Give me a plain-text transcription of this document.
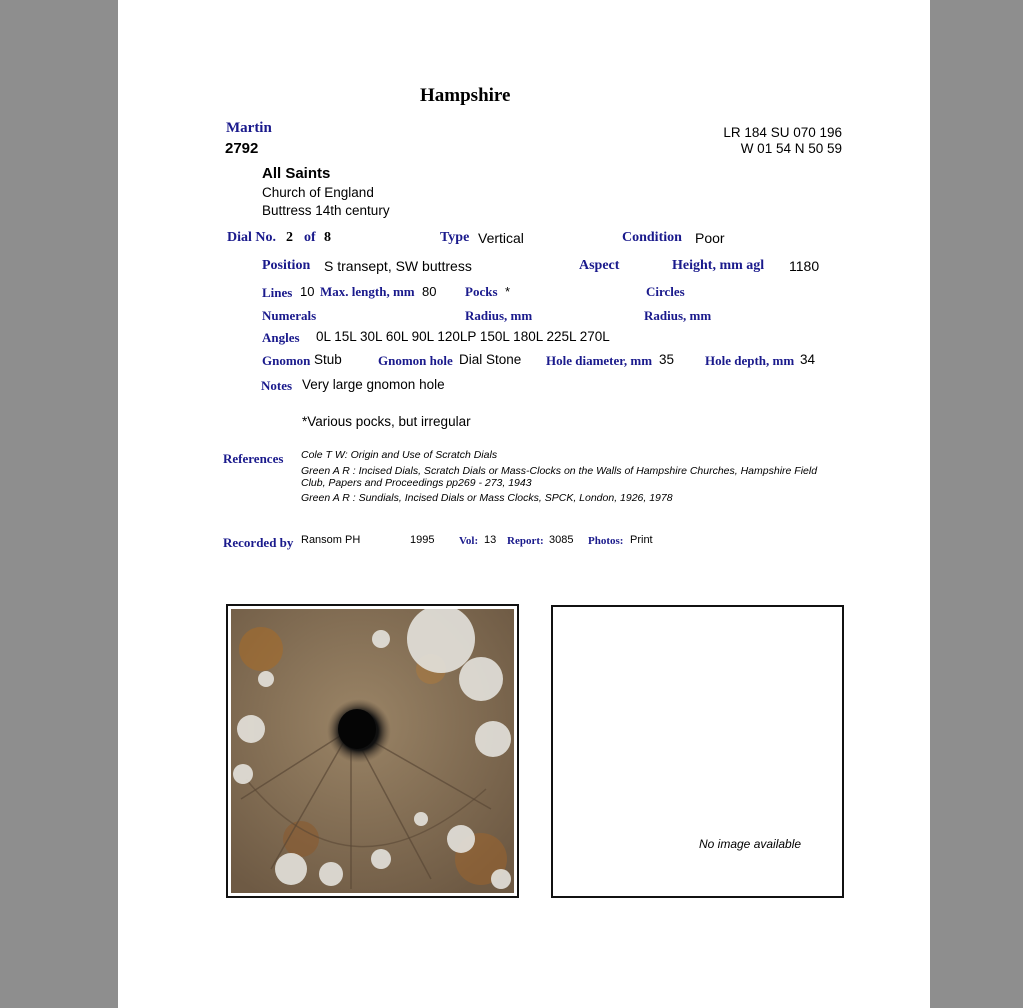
Hampshire
Martin
2792
LR 184 SU 070 196
W 01 54 N 50 59
All Saints
Church of England
Buttress 14th century
Dial No. 2 of 8	Type Vertical	Condition Poor
Position S transept, SW buttress	Aspect	Height, mm agl 1180
Lines 10 Max. length, mm 80 Pocks *	Circles
Numerals	Radius, mm	Radius, mm
Angles 0L 15L 30L 60L 90L 120LP 150L 180L 225L 270L
Gnomon Stub	Gnomon hole Dial Stone Hole diameter, mm 35 Hole depth, mm 34
Notes Very large gnomon hole
*Various pocks, but irregular
References Cole T W: Origin and Use of Scratch Dials
Green A R : Incised Dials, Scratch Dials or Mass-Clocks on the Walls of Hampshire Churches, Hampshire Field
Club, Papers and Proceedings pp269 - 273, 1943
Green A R : Sundials, Incised Dials or Mass Clocks, SPCK, London, 1926, 1978
Recorded by Ransom PH	1995 Vol: 13 Report: 3085 Photos: Print
No image available
